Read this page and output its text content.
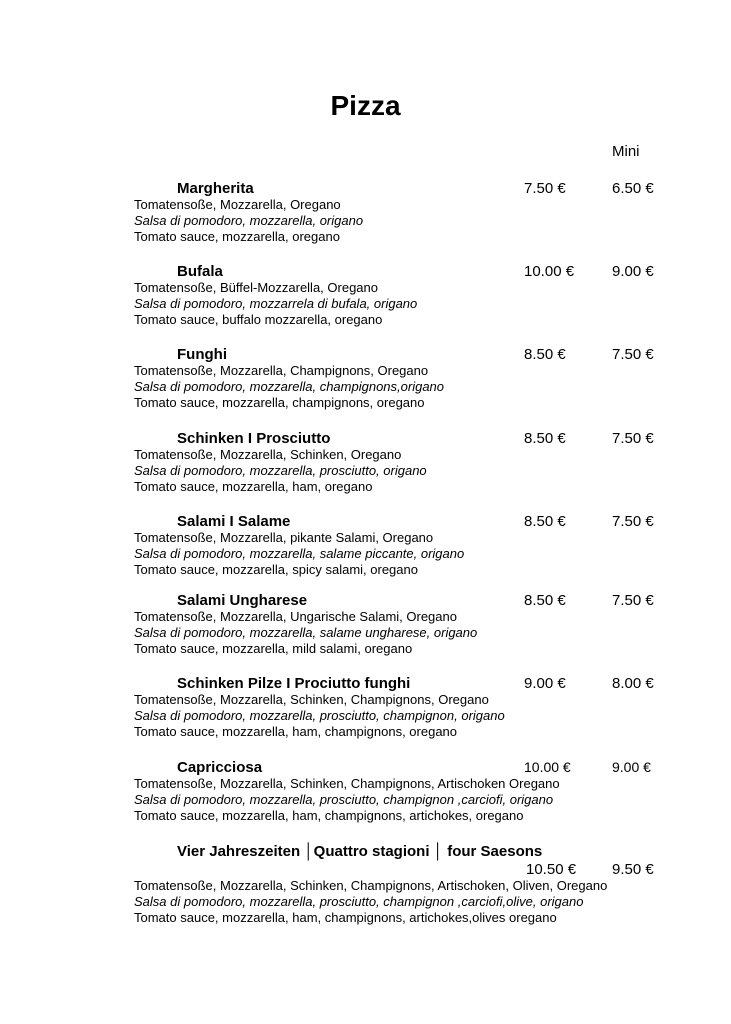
Pizza
Mini
Margherita	7.50 €	6.50 €
Tomatensoße, Mozzarella, Oregano
Salsa di pomodoro, mozzarella, origano
Tomato sauce, mozzarella, oregano
Bufala	10.00 €	9.00 €
Tomatensoße, Büffel-Mozzarella, Oregano
Salsa di pomodoro, mozzarrela di bufala, origano
Tomato sauce, buffalo mozzarella, oregano
Funghi	8.50 €	7.50 €
Tomatensoße, Mozzarella, Champignons, Oregano
Salsa di pomodoro, mozzarella, champignons,origano
Tomato sauce, mozzarella, champignons, oregano
Schinken I Prosciutto	8.50 €	7.50 €
Tomatensoße, Mozzarella, Schinken, Oregano
Salsa di pomodoro, mozzarella, prosciutto, origano
Tomato sauce, mozzarella, ham, oregano
Salami I Salame	8.50 €	7.50 €
Tomatensoße, Mozzarella, pikante Salami, Oregano
Salsa di pomodoro, mozzarella, salame piccante, origano
Tomato sauce, mozzarella, spicy salami, oregano
Salami Ungharese	8.50 €	7.50 €
Tomatensoße, Mozzarella, Ungarische Salami, Oregano
Salsa di pomodoro, mozzarella, salame ungharese, origano
Tomato sauce, mozzarella, mild salami, oregano
Schinken Pilze I Prociutto funghi	9.00 €	8.00 €
Tomatensoße, Mozzarella, Schinken, Champignons, Oregano
Salsa di pomodoro, mozzarella, prosciutto, champignon, origano
Tomato sauce, mozzarella, ham, champignons, oregano
Capricciosa	10.00 €	9.00 €
Tomatensoße, Mozzarella, Schinken, Champignons, Artischoken Oregano
Salsa di pomodoro, mozzarella, prosciutto, champignon ,carciofi, origano
Tomato sauce, mozzarella, ham, champignons, artichokes, oregano
Vier Jahreszeiten │Quattro stagioni │ four Saesons
10.50 € 9.50 €
Tomatensoße, Mozzarella, Schinken, Champignons, Artischoken, Oliven, Oregano
Salsa di pomodoro, mozzarella, prosciutto, champignon ,carciofi,olive, origano
Tomato sauce, mozzarella, ham, champignons, artichokes,olives oregano
